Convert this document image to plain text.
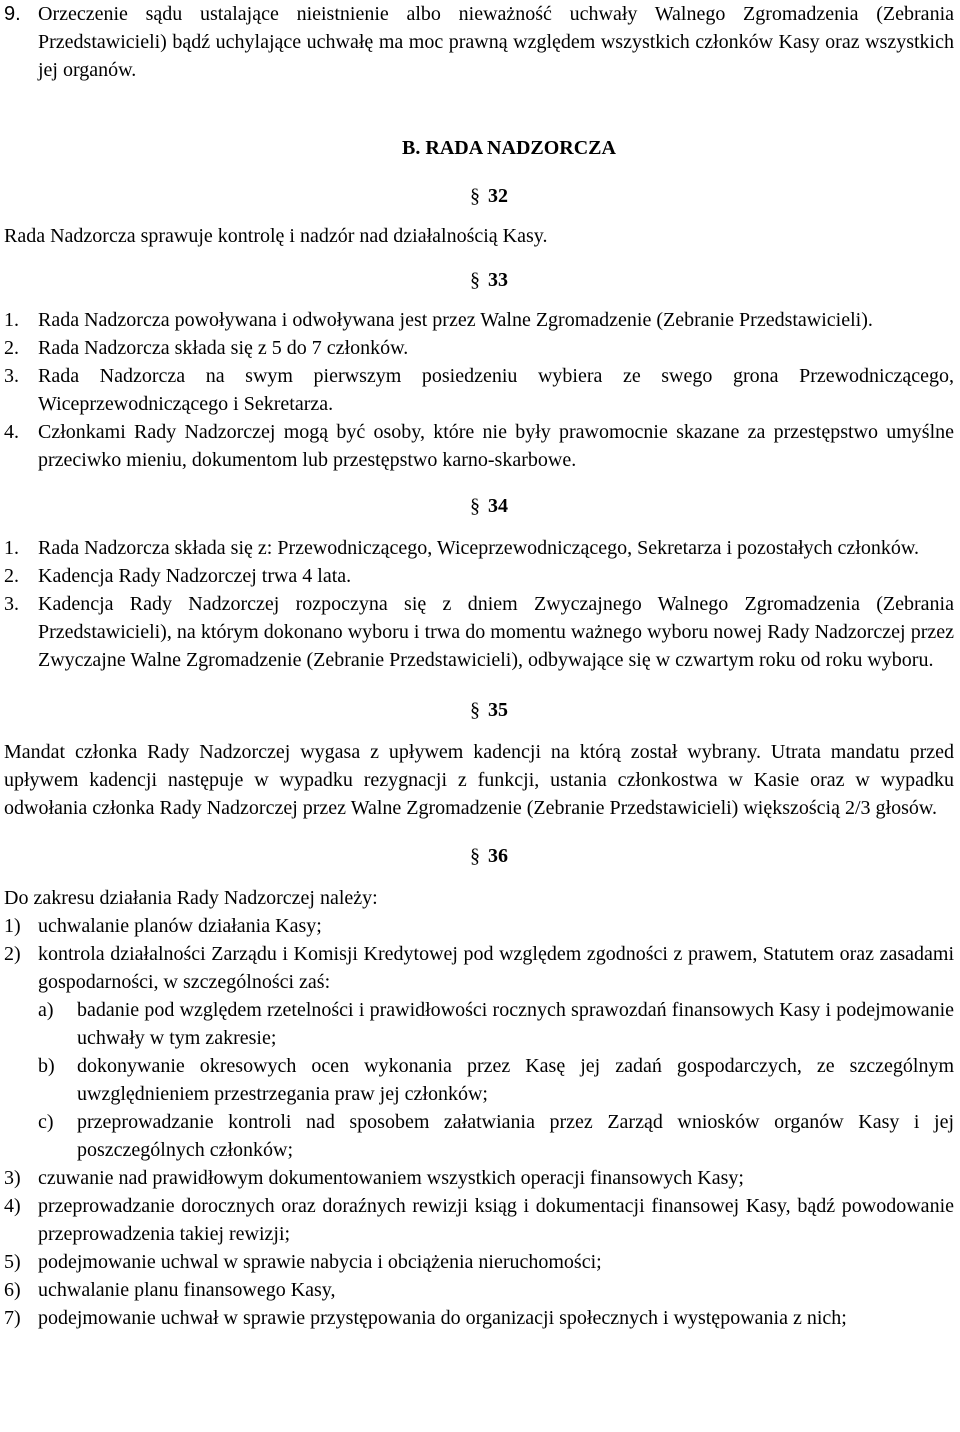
9. Orzeczenie sądu ustalające nieistnienie albo nieważność uchwały Walnego Zgromadzenia (Zebrania Przedstawicieli) bądź uchylające uchwałę ma moc prawną względem wszystkich członków Kasy oraz wszystkich jej organów.
B. RADA NADZORCZA
§ 32
Rada Nadzorcza sprawuje kontrolę i nadzór nad działalnością Kasy.
§ 33
1. Rada Nadzorcza powoływana i odwoływana jest przez Walne Zgromadzenie (Zebranie Przedstawicieli).
2. Rada Nadzorcza składa się z 5 do 7 członków.
3. Rada Nadzorcza na swym pierwszym posiedzeniu wybiera ze swego grona Przewodniczącego, Wiceprzewodniczącego i Sekretarza.
4. Członkami Rady Nadzorczej mogą być osoby, które nie były prawomocnie skazane za przestępstwo umyślne przeciwko mieniu, dokumentom lub przestępstwo karno-skarbowe.
§ 34
1. Rada Nadzorcza składa się z: Przewodniczącego, Wiceprzewodniczącego, Sekretarza i pozostałych członków.
2. Kadencja Rady Nadzorczej trwa 4 lata.
3. Kadencja Rady Nadzorczej rozpoczyna się z dniem Zwyczajnego Walnego Zgromadzenia (Zebrania Przedstawicieli), na którym dokonano wyboru i trwa do momentu ważnego wyboru nowej Rady Nadzorczej przez Zwyczajne Walne Zgromadzenie (Zebranie Przedstawicieli), odbywające się w czwartym roku od roku wyboru.
§ 35
Mandat członka Rady Nadzorczej wygasa z upływem kadencji na którą został wybrany. Utrata mandatu przed upływem kadencji następuje w wypadku rezygnacji z funkcji, ustania członkostwa w Kasie oraz w wypadku odwołania członka Rady Nadzorczej przez Walne Zgromadzenie (Zebranie Przedstawicieli) większością 2/3 głosów.
§ 36
Do zakresu działania Rady Nadzorczej należy:
1) uchwalanie planów działania Kasy;
2) kontrola działalności Zarządu i Komisji Kredytowej pod względem zgodności z prawem, Statutem oraz zasadami gospodarności, w szczególności zaś:
a)	badanie pod względem rzetelności i prawidłowości rocznych sprawozdań finansowych Kasy i podejmowanie uchwały w tym zakresie;
b)	dokonywanie okresowych ocen wykonania przez Kasę jej zadań gospodarczych, ze szczególnym uwzględnieniem przestrzegania praw jej członków;
c)	przeprowadzanie kontroli nad sposobem załatwiania przez Zarząd wniosków organów Kasy i jej poszczególnych członków;
3) czuwanie nad prawidłowym dokumentowaniem wszystkich operacji finansowych Kasy;
4) przeprowadzanie dorocznych oraz doraźnych rewizji ksiąg i dokumentacji finansowej Kasy, bądź powodowanie przeprowadzenia takiej rewizji;
5) podejmowanie uchwal w sprawie nabycia i obciążenia nieruchomości;
6) uchwalanie planu finansowego Kasy,
7) podejmowanie uchwał w sprawie przystępowania do organizacji społecznych i występowania z nich;
